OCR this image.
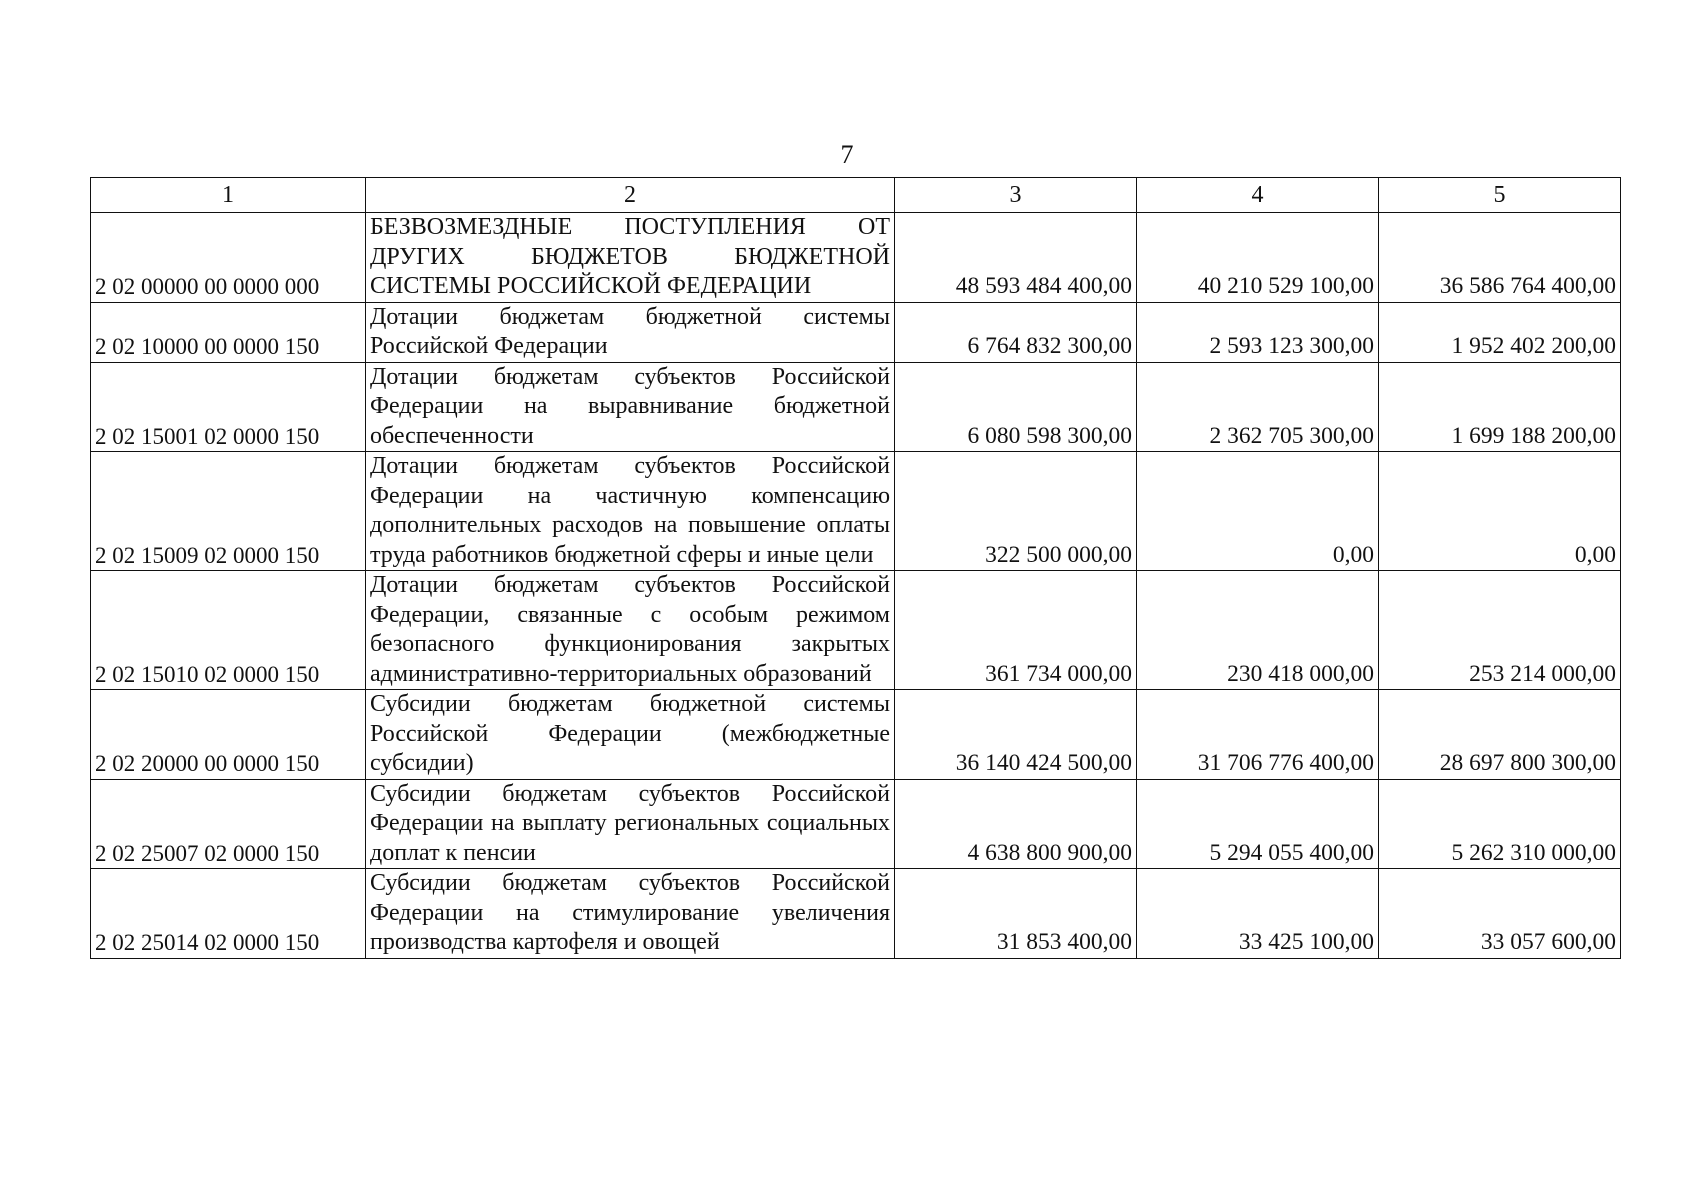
7
1	2	3	4	5
2 02 00000 00 0000 000	БЕЗВОЗМЕЗДНЫЕ ПОСТУПЛЕНИЯ ОТ ДРУГИХ БЮДЖЕТОВ БЮДЖЕТНОЙ СИСТЕМЫ РОССИЙСКОЙ ФЕДЕРАЦИИ	48 593 484 400,00	40 210 529 100,00	36 586 764 400,00
2 02 10000 00 0000 150	Дотации бюджетам бюджетной системы Российской Федерации	6 764 832 300,00	2 593 123 300,00	1 952 402 200,00
2 02 15001 02 0000 150	Дотации бюджетам субъектов Российской Федерации на выравнивание бюджетной обеспеченности	6 080 598 300,00	2 362 705 300,00	1 699 188 200,00
2 02 15009 02 0000 150	Дотации бюджетам субъектов Российской Федерации на частичную компенсацию дополнительных расходов на повышение оплаты труда работников бюджетной сферы и иные цели	322 500 000,00	0,00	0,00
2 02 15010 02 0000 150	Дотации бюджетам субъектов Российской Федерации, связанные с особым режимом безопасного функционирования закрытых административно-территориальных образований	361 734 000,00	230 418 000,00	253 214 000,00
2 02 20000 00 0000 150	Субсидии бюджетам бюджетной системы Российской Федерации (межбюджетные субсидии)	36 140 424 500,00	31 706 776 400,00	28 697 800 300,00
2 02 25007 02 0000 150	Субсидии бюджетам субъектов Российской Федерации на выплату региональных социальных доплат к пенсии	4 638 800 900,00	5 294 055 400,00	5 262 310 000,00
2 02 25014 02 0000 150	Субсидии бюджетам субъектов Российской Федерации на стимулирование увеличения производства картофеля и овощей	31 853 400,00	33 425 100,00	33 057 600,00
